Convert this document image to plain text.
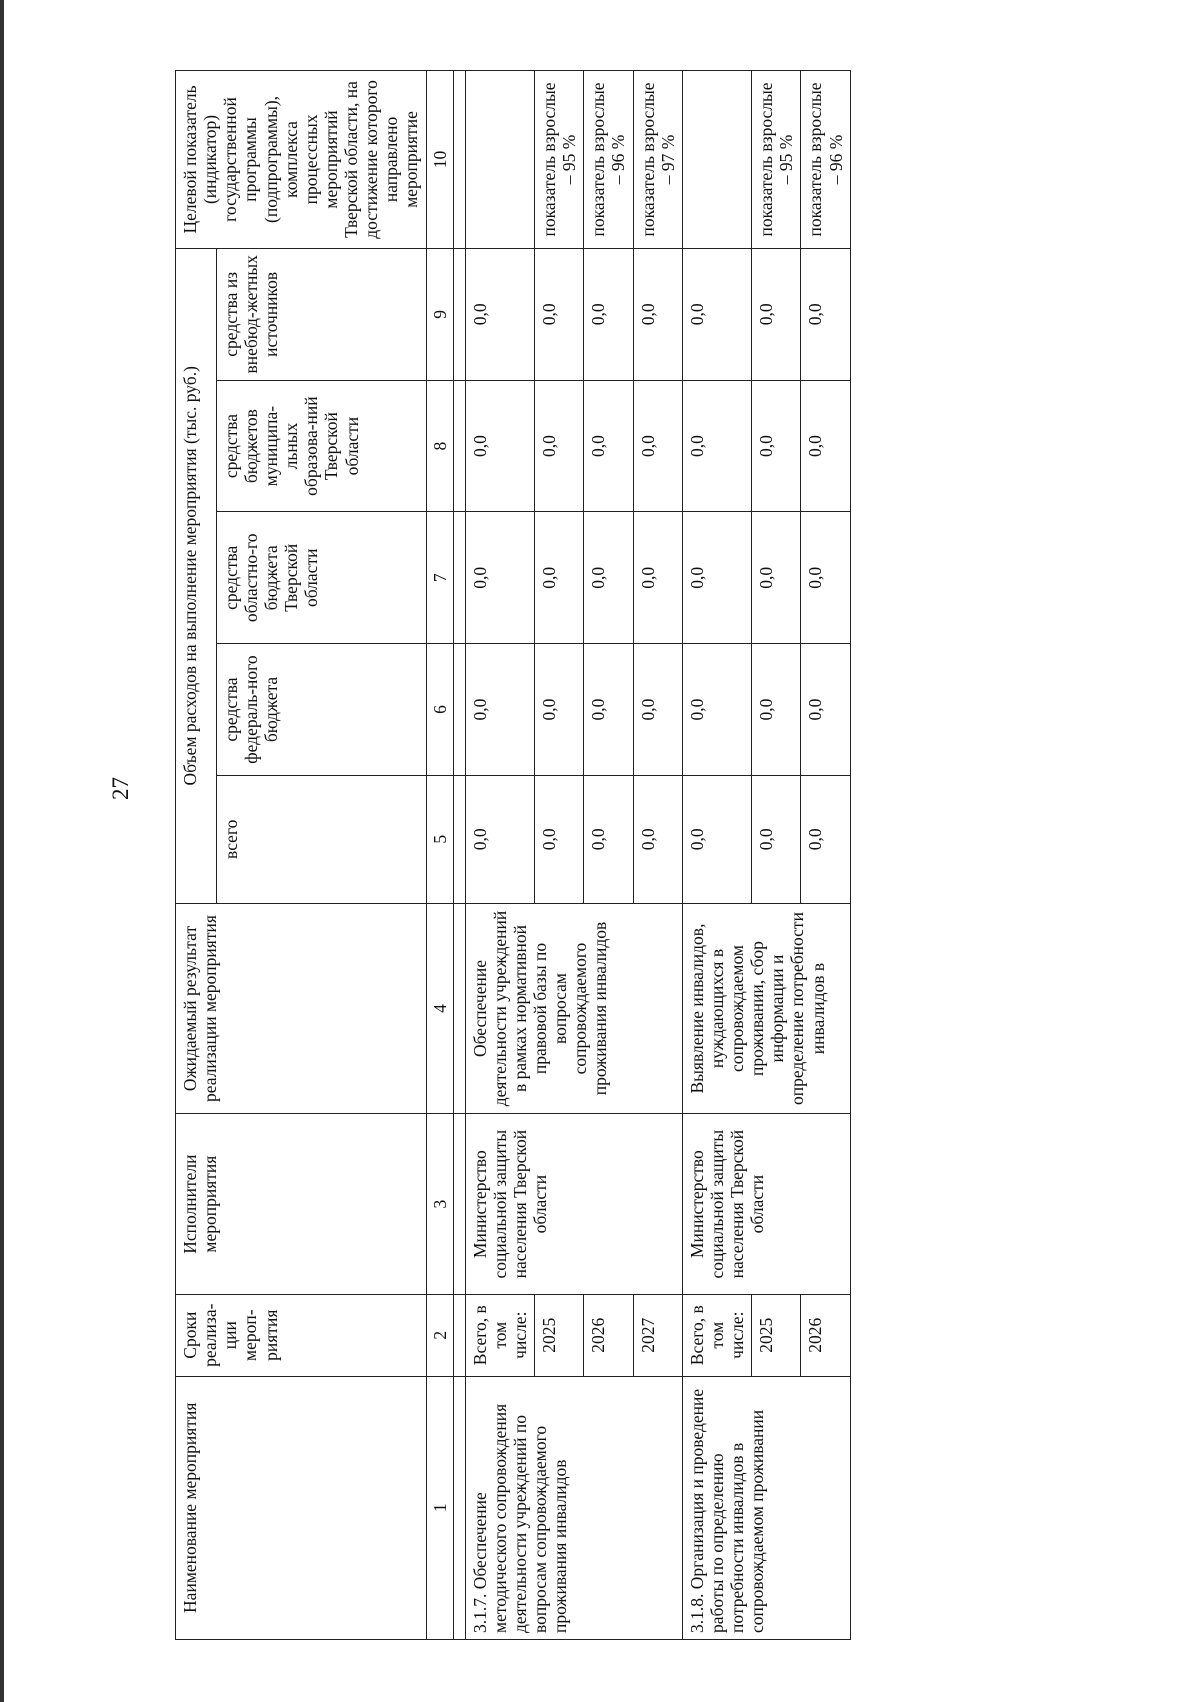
27
Наименование мероприятия	Сроки реализа-ции мероп-риятия	Исполнители мероприятия	Ожидаемый результат реализации мероприятия	Объем расходов на выполнение мероприятия (тыс. руб.)					Целевой показатель (индикатор) государственной программы (подпрограммы), комплекса процессных мероприятий Тверской области, на достижение которого направлено мероприятие
				всего	средства федераль-ного бюджета	средства областно-го бюджета Тверской области	средства бюджетов муниципа-льных образова-ний Тверской области	средства из внебюд-жетных источников	
1	2	3	4	5	6	7	8	9	10

3.1.7. Обеспечение методического сопровождения деятельности учреждений по вопросам сопровождаемого проживания инвалидов	Всего, в том числе:	Министерство социальной защиты населения Тверской области	Обеспечение деятельности учреждений в рамках нормативной правовой базы по вопросам сопровождаемого проживания инвалидов	0,0	0,0	0,0	0,0	0,0	
	2025			0,0	0,0	0,0	0,0	0,0	показатель взрослые – 95 %
	2026			0,0	0,0	0,0	0,0	0,0	показатель взрослые – 96 %
	2027			0,0	0,0	0,0	0,0	0,0	показатель взрослые – 97 %
3.1.8. Организация и проведение работы по определению потребности инвалидов в сопровождаемом проживании	Всего, в том числе:	Министерство социальной защиты населения Тверской области	Выявление инвалидов, нуждающихся в сопровождаемом проживании, сбор информации и определение потребности инвалидов в	0,0	0,0	0,0	0,0	0,0	
	2025			0,0	0,0	0,0	0,0	0,0	показатель взрослые – 95 %
	2026			0,0	0,0	0,0	0,0	0,0	показатель взрослые – 96 %
